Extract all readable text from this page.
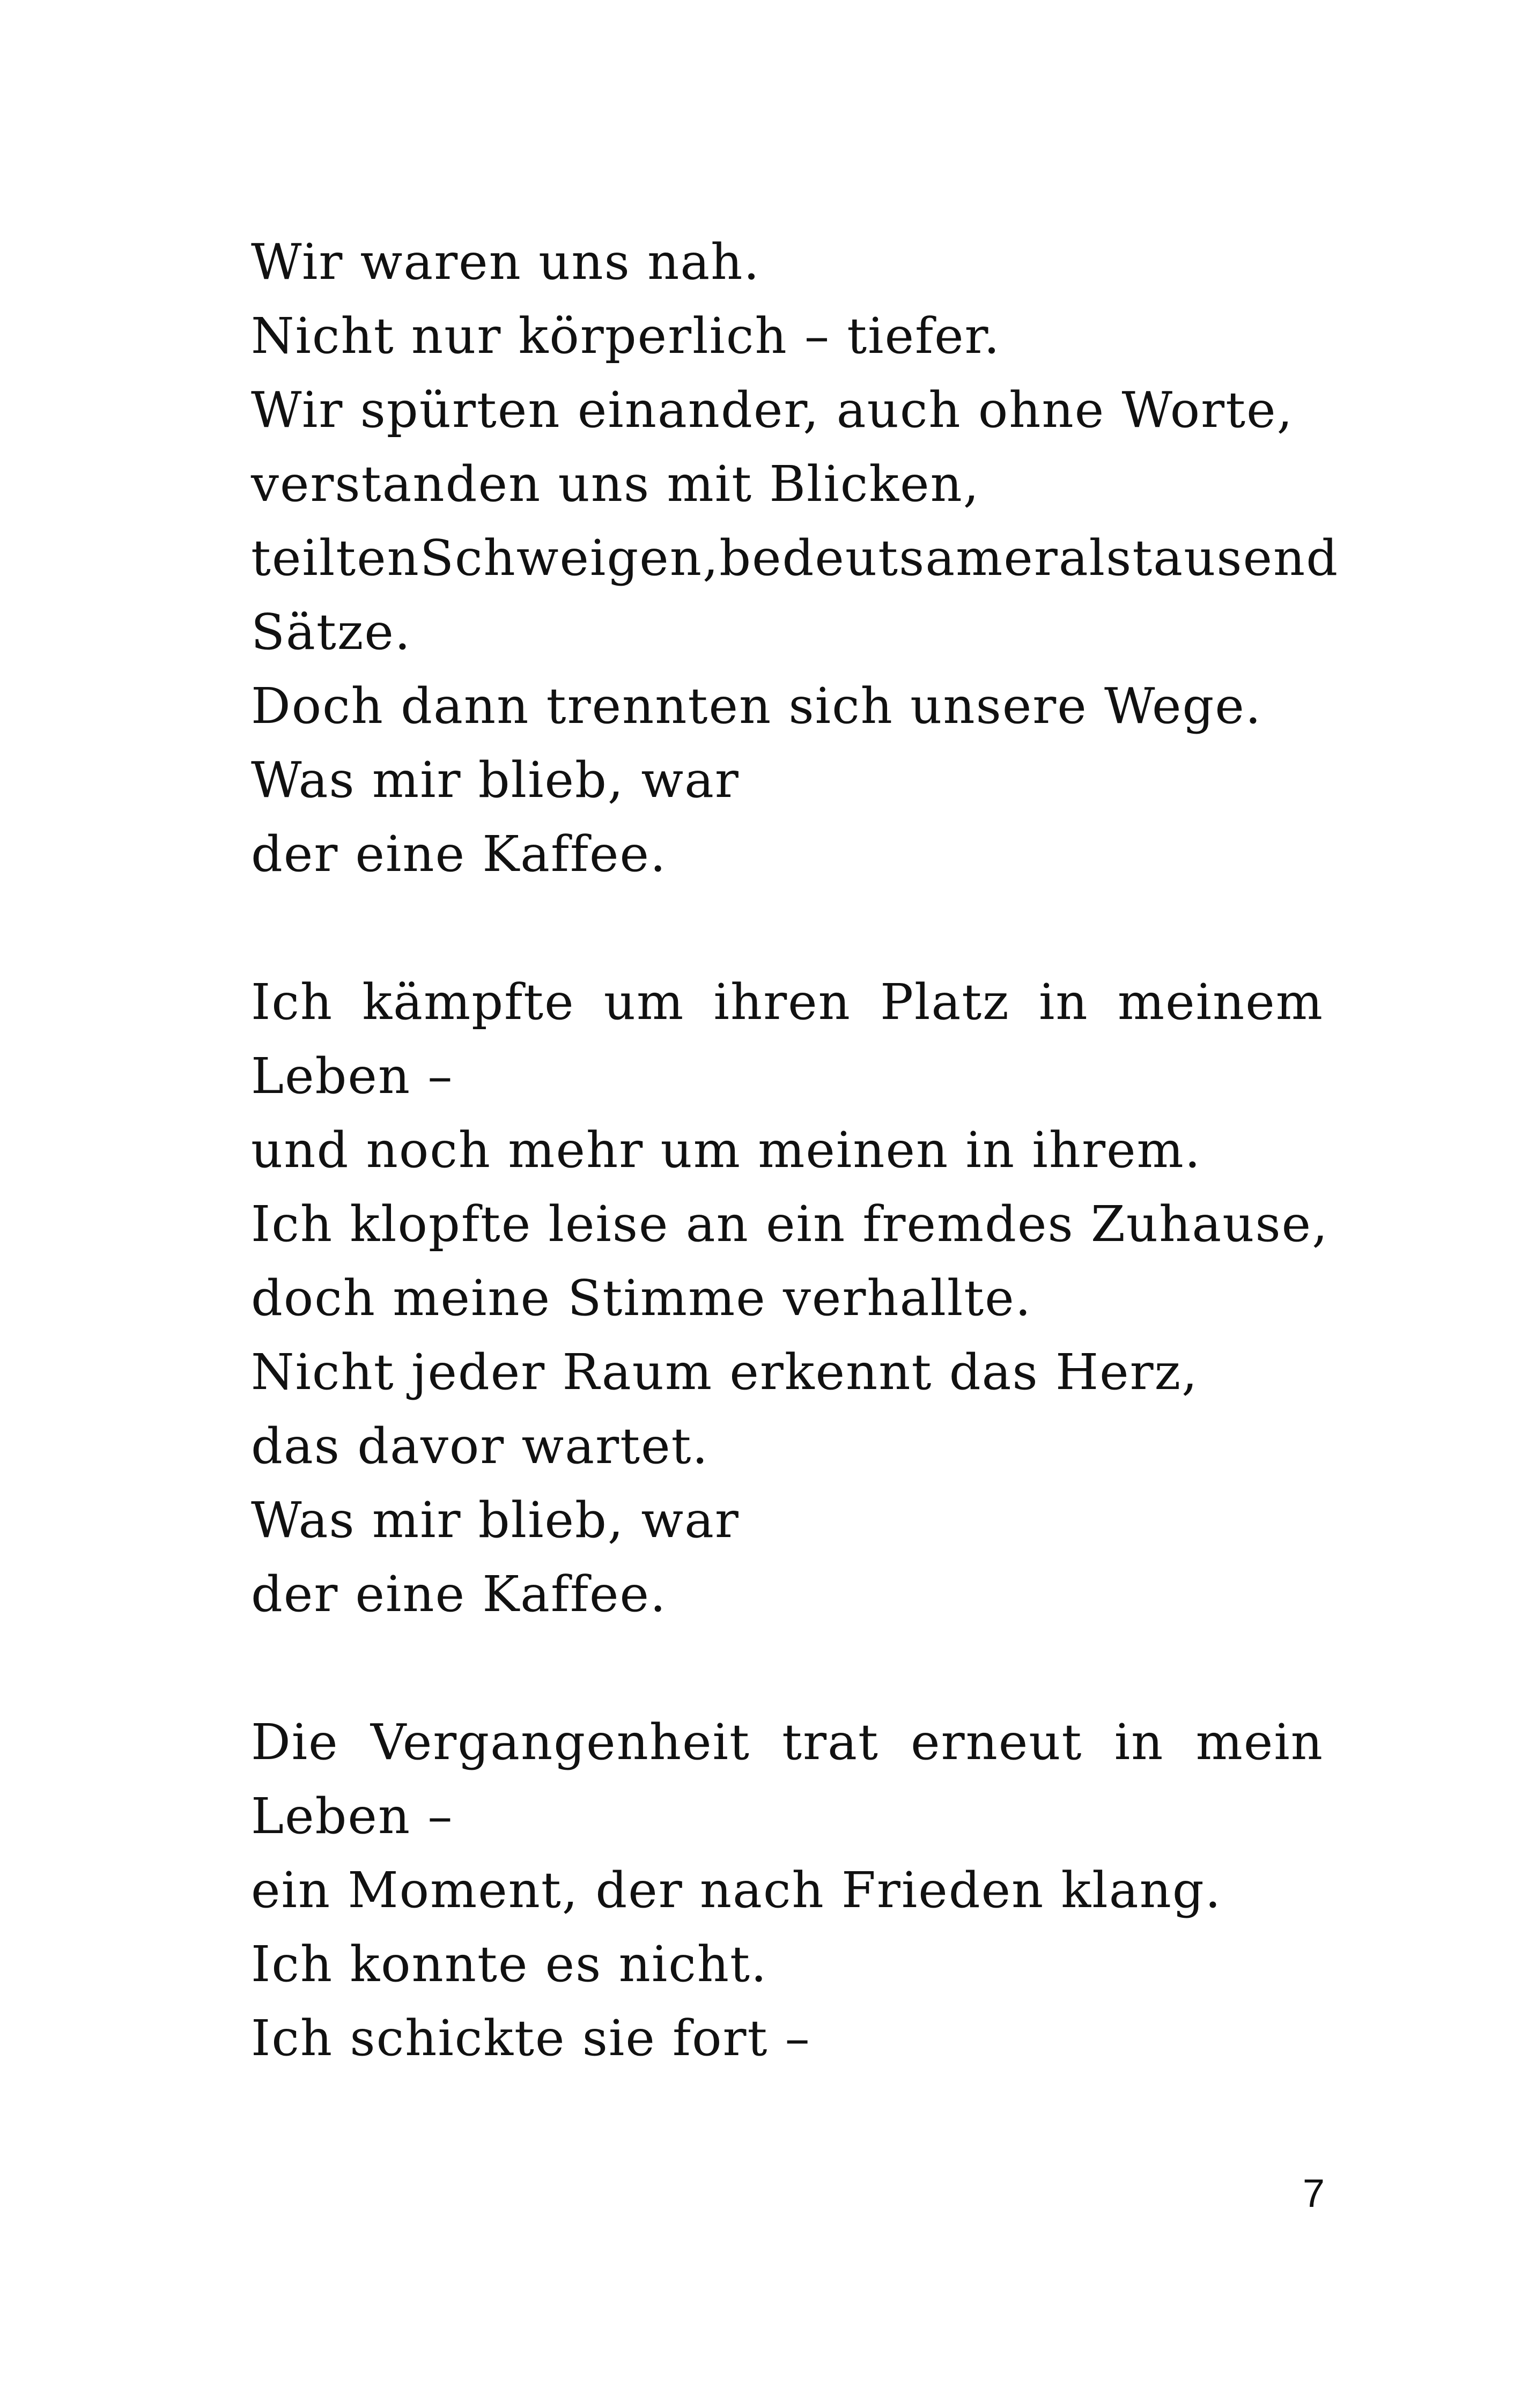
Wir waren uns nah.
Nicht nur körperlich – tiefer.
Wir spürten einander, auch ohne Worte,
verstanden uns mit Blicken,
teilten Schweigen, bedeutsamer als tausend
Sätze.
Doch dann trennten sich unsere Wege.
Was mir blieb, war
der eine Kaffee.
Ich kämpfte um ihren Platz in meinem
Leben –
und noch mehr um meinen in ihrem.
Ich klopfte leise an ein fremdes Zuhause,
doch meine Stimme verhallte.
Nicht jeder Raum erkennt das Herz,
das davor wartet.
Was mir blieb, war
der eine Kaffee.
Die Vergangenheit trat erneut in mein
Leben –
ein Moment, der nach Frieden klang.
Ich konnte es nicht.
Ich schickte sie fort –
7
